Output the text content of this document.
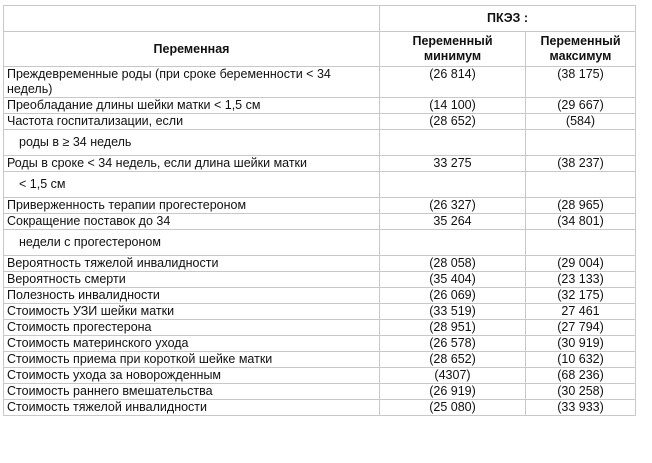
	ПКЭЗ :	
Переменная	Переменный минимум	Переменный максимум
Преждевременные роды (при сроке беременности < 34 недель)	(26 814)	(38 175)
Преобладание длины шейки матки < 1,5 см	(14 100)	(29 667)
Частота госпитализации, если	(28 652)	(584)
роды в ≥ 34 недель		
Роды в сроке < 34 недель, если длина шейки матки	33 275	(38 237)
< 1,5 см		
Приверженность терапии прогестероном	(26 327)	(28 965)
Сокращение поставок до 34	35 264	(34 801)
недели с прогестероном		
Вероятность тяжелой инвалидности	(28 058)	(29 004)
Вероятность смерти	(35 404)	(23 133)
Полезность инвалидности	(26 069)	(32 175)
Стоимость УЗИ шейки матки	(33 519)	27 461
Стоимость прогестерона	(28 951)	(27 794)
Стоимость материнского ухода	(26 578)	(30 919)
Стоимость приема при короткой шейке матки	(28 652)	(10 632)
Стоимость ухода за новорожденным	(4307)	(68 236)
Стоимость раннего вмешательства	(26 919)	(30 258)
Стоимость тяжелой инвалидности	(25 080)	(33 933)
